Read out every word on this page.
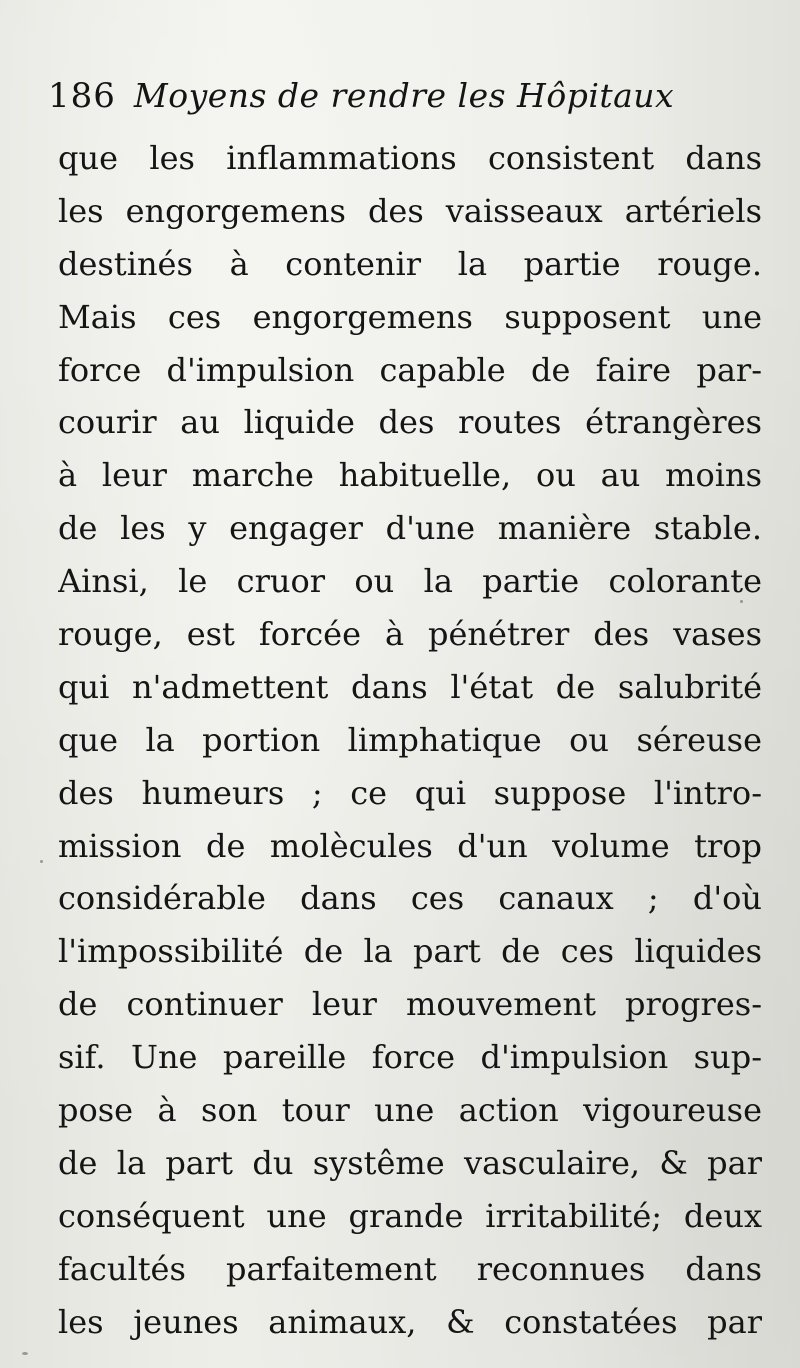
186 Moyens de rendre les Hôpitaux
que les inflammations consistent dans
les engorgemens des vaisseaux artériels
destinés à contenir la partie rouge.
Mais ces engorgemens supposent une
force d'impulsion capable de faire par-
courir au liquide des routes étrangères
à leur marche habituelle, ou au moins
de les y engager d'une manière stable.
Ainsi, le cruor ou la partie colorante
rouge, est forcée à pénétrer des vases
qui n'admettent dans l'état de salubrité
que la portion limphatique ou séreuse
des humeurs ; ce qui suppose l'intro-
mission de molècules d'un volume trop
considérable dans ces canaux ; d'où
l'impossibilité de la part de ces liquides
de continuer leur mouvement progres-
sif. Une pareille force d'impulsion sup-
pose à son tour une action vigoureuse
de la part du systême vasculaire, & par
conséquent une grande irritabilité; deux
facultés parfaitement reconnues dans
les jeunes animaux, & constatées par
